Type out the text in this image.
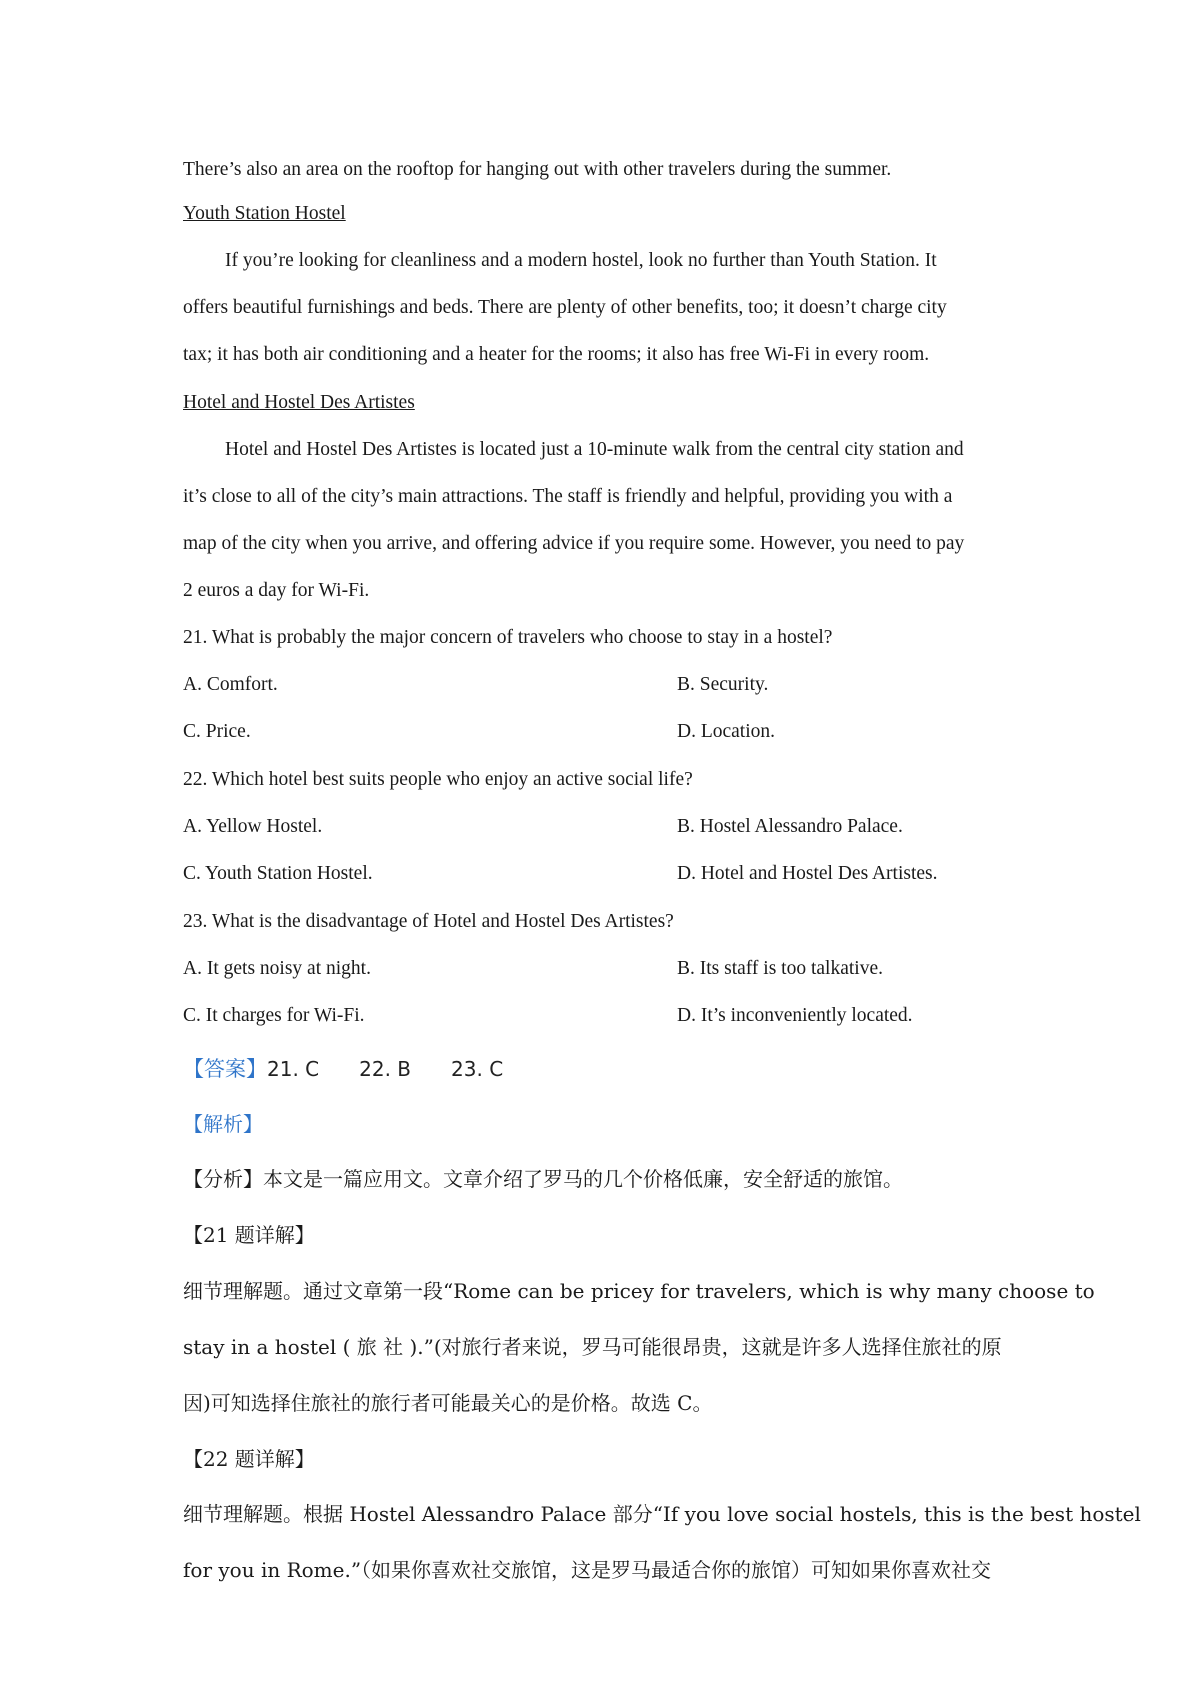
There’s also an area on the rooftop for hanging out with other travelers during the summer.
Youth Station Hostel
If you’re looking for cleanliness and a modern hostel, look no further than Youth Station. It
offers beautiful furnishings and beds. There are plenty of other benefits, too; it doesn’t charge city
tax; it has both air conditioning and a heater for the rooms; it also has free Wi-Fi in every room.
Hotel and Hostel Des Artistes
Hotel and Hostel Des Artistes is located just a 10-minute walk from the central city station and
it’s close to all of the city’s main attractions. The staff is friendly and helpful, providing you with a
map of the city when you arrive, and offering advice if you require some. However, you need to pay
2 euros a day for Wi-Fi.
21. What is probably the major concern of travelers who choose to stay in a hostel?
A. Comfort.	B. Security.
C. Price.	D. Location.
22. Which hotel best suits people who enjoy an active social life?
A. Yellow Hostel.	B. Hostel Alessandro Palace.
C. Youth Station Hostel.	D. Hotel and Hostel Des Artistes.
23. What is the disadvantage of Hotel and Hostel Des Artistes?
A. It gets noisy at night.	B. Its staff is too talkative.
C. It charges for Wi-Fi.	D. It’s inconveniently located.
【答案】21. C 22. B 23. C
【解析】
【分析】本文是一篇应用文。文章介绍了罗马的几个价格低廉，安全舒适的旅馆。
【21 题详解】
细节理解题。通过文章第一段“Rome can be pricey for travelers, which is why many choose to
stay in a hostel ( 旅 社 ).”(对旅行者来说，罗马可能很昂贵，这就是许多人选择住旅社的原
因)可知选择住旅社的旅行者可能最关心的是价格。故选 C。
【22 题详解】
细节理解题。根据 Hostel Alessandro Palace 部分“If you love social hostels, this is the best hostel
for you in Rome.”（如果你喜欢社交旅馆，这是罗马最适合你的旅馆）可知如果你喜欢社交
